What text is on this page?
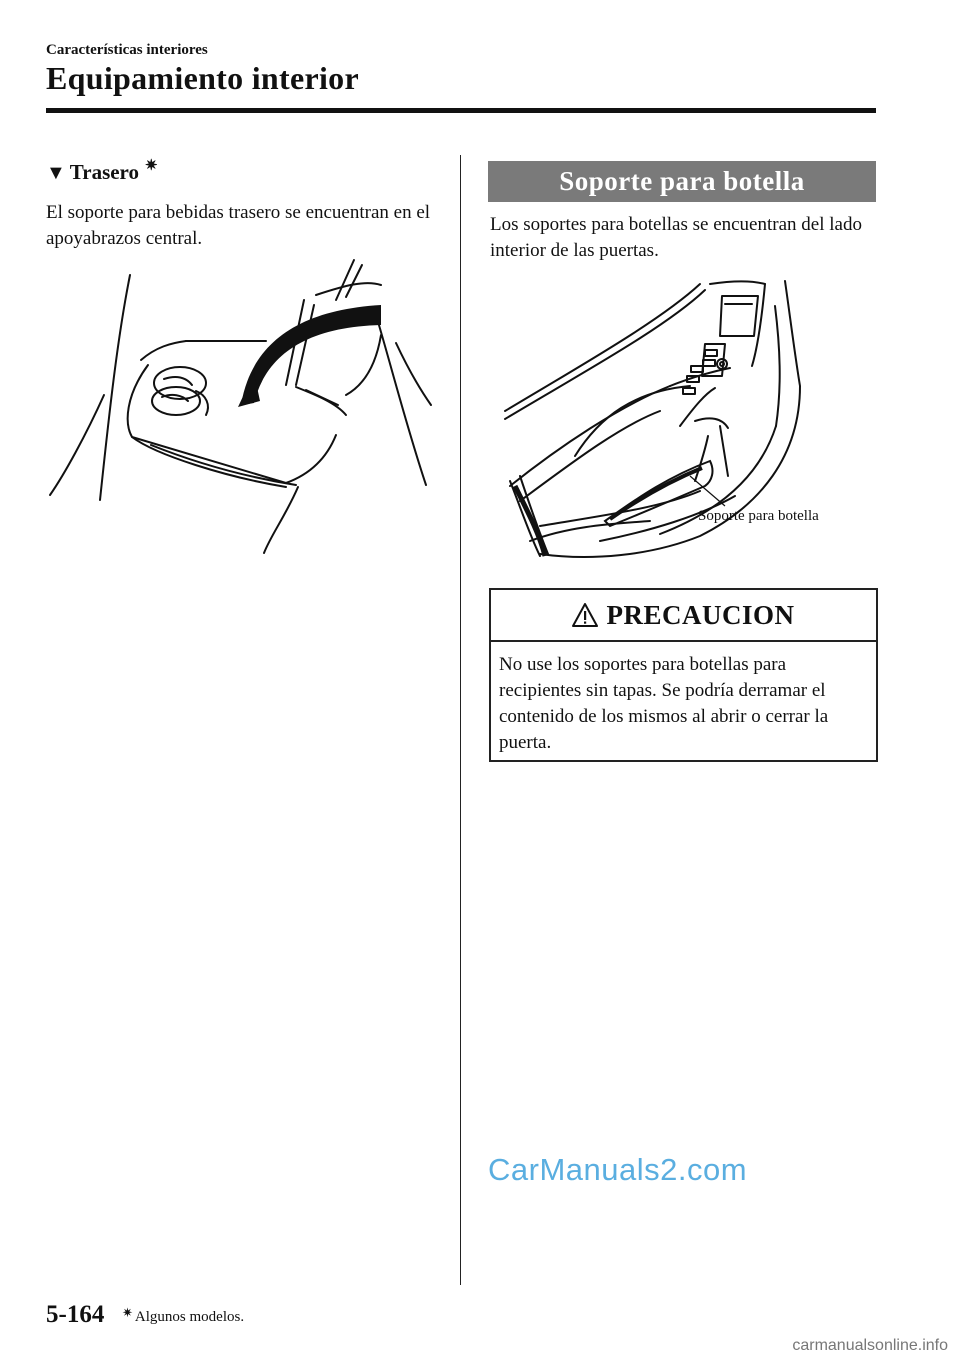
Características interiores
Equipamiento interior
▼ Trasero ✷
El soporte para bebidas trasero se encuentran en el apoyabrazos central.
Soporte para botella
Los soportes para botellas se encuentran del lado interior de las puertas.
Soporte para botella
PRECAUCION
No use los soportes para botellas para recipientes sin tapas. Se podría derramar el contenido de los mismos al abrir o cerrar la puerta.
CarManuals2.com
5-164 ✷ Algunos modelos.
carmanualsonline.info
